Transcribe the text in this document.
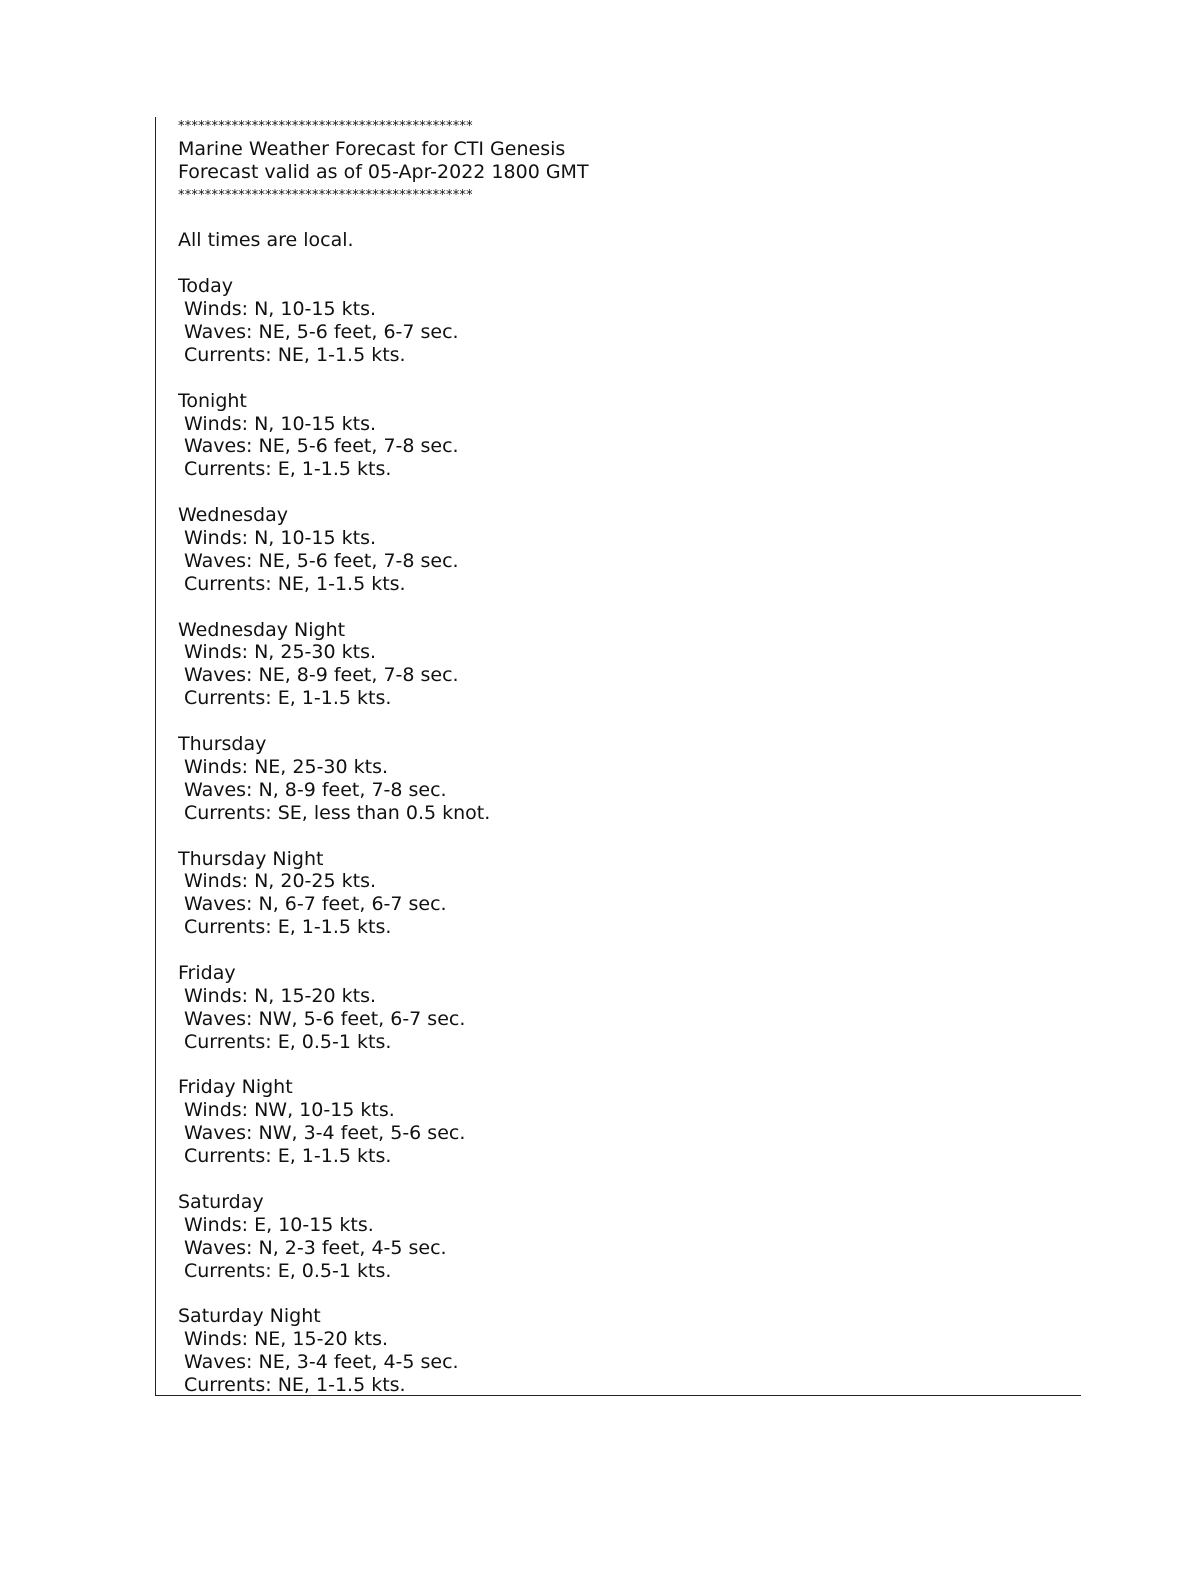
********************************************
Marine Weather Forecast for CTI Genesis
Forecast valid as of 05-Apr-2022 1800 GMT
********************************************
All times are local.
Today
Winds: N, 10-15 kts.
Waves: NE, 5-6 feet, 6-7 sec.
Currents: NE, 1-1.5 kts.
Tonight
Winds: N, 10-15 kts.
Waves: NE, 5-6 feet, 7-8 sec.
Currents: E, 1-1.5 kts.
Wednesday
Winds: N, 10-15 kts.
Waves: NE, 5-6 feet, 7-8 sec.
Currents: NE, 1-1.5 kts.
Wednesday Night
Winds: N, 25-30 kts.
Waves: NE, 8-9 feet, 7-8 sec.
Currents: E, 1-1.5 kts.
Thursday
Winds: NE, 25-30 kts.
Waves: N, 8-9 feet, 7-8 sec.
Currents: SE, less than 0.5 knot.
Thursday Night
Winds: N, 20-25 kts.
Waves: N, 6-7 feet, 6-7 sec.
Currents: E, 1-1.5 kts.
Friday
Winds: N, 15-20 kts.
Waves: NW, 5-6 feet, 6-7 sec.
Currents: E, 0.5-1 kts.
Friday Night
Winds: NW, 10-15 kts.
Waves: NW, 3-4 feet, 5-6 sec.
Currents: E, 1-1.5 kts.
Saturday
Winds: E, 10-15 kts.
Waves: N, 2-3 feet, 4-5 sec.
Currents: E, 0.5-1 kts.
Saturday Night
Winds: NE, 15-20 kts.
Waves: NE, 3-4 feet, 4-5 sec.
Currents: NE, 1-1.5 kts.
